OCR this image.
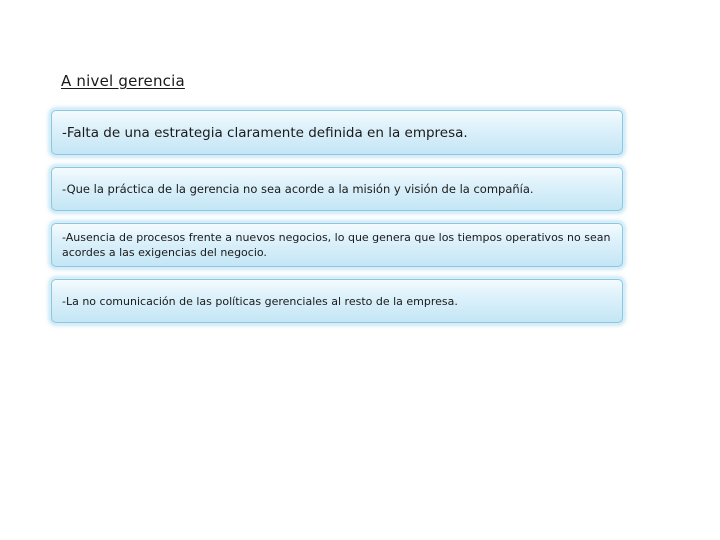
A nivel gerencia
-Falta de una estrategia claramente definida en la empresa.
-Que la práctica de la gerencia no sea acorde a la misión y visión de la compañía.
-Ausencia de procesos frente a nuevos negocios, lo que genera que los tiempos operativos no sean acordes a las exigencias del negocio.
-La no comunicación de las políticas gerenciales al resto de la empresa.
